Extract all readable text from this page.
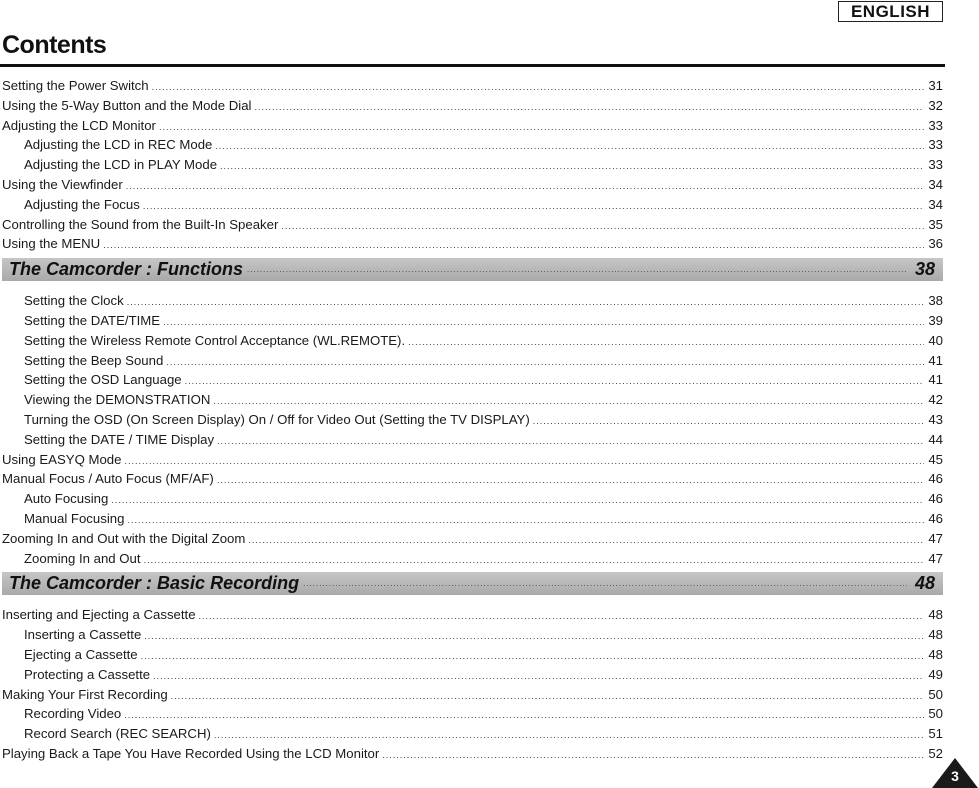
ENGLISH
Contents
Setting the Power Switch .....	31
Using the 5-Way Button and the Mode Dial .....	32
Adjusting the LCD Monitor .....	33
Adjusting the LCD in REC Mode .....	33
Adjusting the LCD in PLAY Mode .....	33
Using the Viewfinder .....	34
Adjusting the Focus .....	34
Controlling the Sound from the Built-In Speaker .....	35
Using the MENU .....	36
The Camcorder : Functions .....	38
Setting the Clock .....	38
Setting the DATE/TIME .....	39
Setting the Wireless Remote Control Acceptance (WL.REMOTE). .....	40
Setting the Beep Sound .....	41
Setting the OSD Language .....	41
Viewing the DEMONSTRATION .....	42
Turning the OSD (On Screen Display) On / Off for Video Out (Setting the TV DISPLAY) .....	43
Setting the DATE / TIME Display .....	44
Using EASYQ Mode .....	45
Manual Focus / Auto Focus (MF/AF) .....	46
Auto Focusing .....	46
Manual Focusing .....	46
Zooming In and Out with the Digital Zoom .....	47
Zooming In and Out .....	47
The Camcorder : Basic Recording .....	48
Inserting and Ejecting a Cassette .....	48
Inserting a Cassette .....	48
Ejecting a Cassette .....	48
Protecting a Cassette .....	49
Making Your First Recording .....	50
Recording Video .....	50
Record Search (REC SEARCH) .....	51
Playing Back a Tape You Have Recorded Using the LCD Monitor .....	52
3
